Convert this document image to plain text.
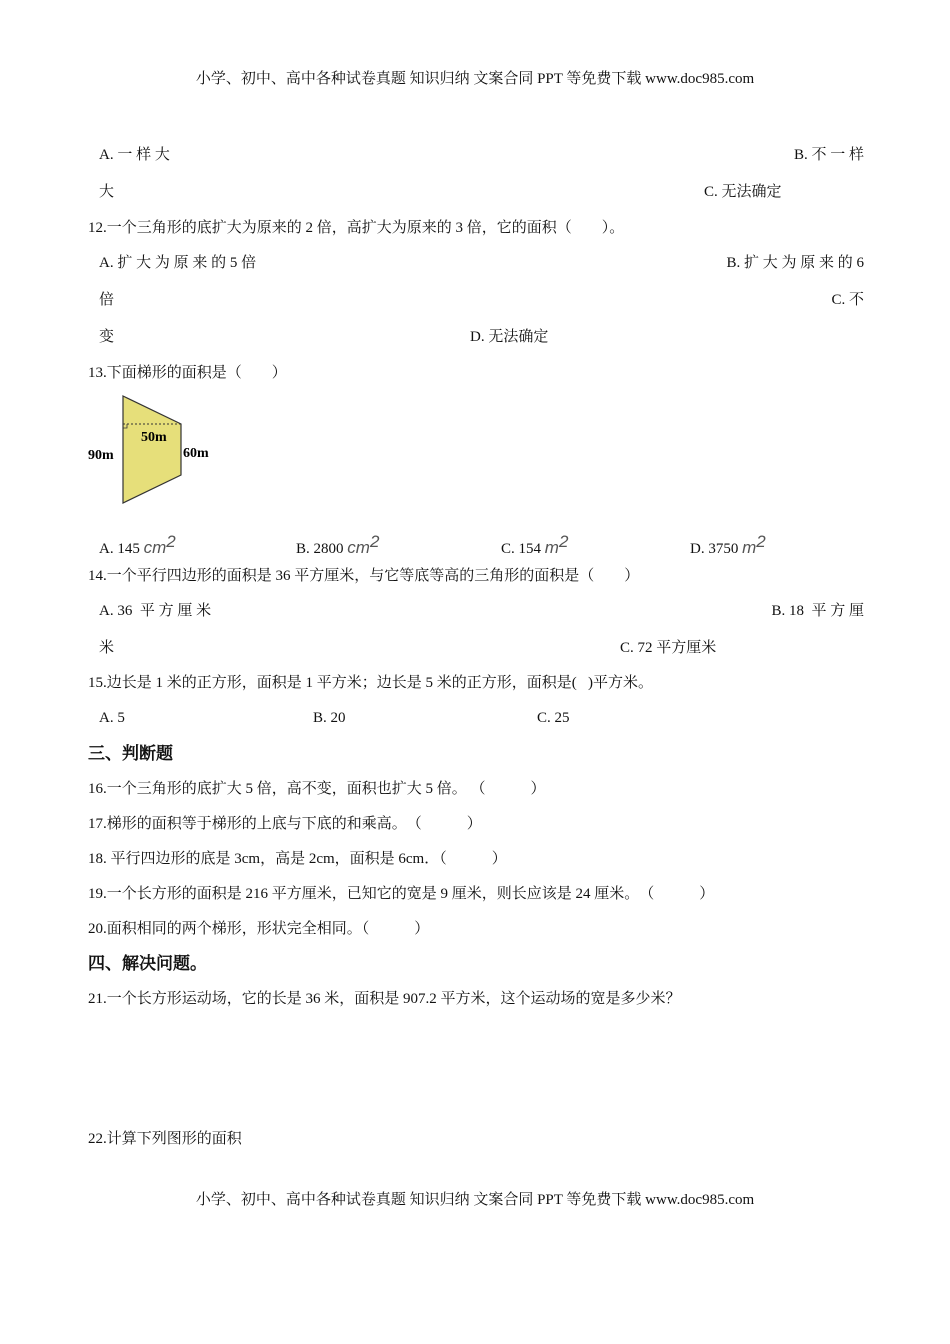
小学、初中、高中各种试卷真题 知识归纳 文案合同 PPT 等免费下载 www.doc985.com
A. 一 样 大	B. 不 一 样
大	C. 无法确定
12.一个三角形的底扩大为原来的 2 倍，高扩大为原来的 3 倍，它的面积（　　）。
A. 扩 大 为 原 来 的 5 倍	B. 扩 大 为 原 来 的 6
倍	C. 不
变	D. 无法确定
13.下面梯形的面积是（　　）
50m
90m	60m
A. 145 $cm^2$	B. 2800 $cm^2$	C. 154 $m^2$	D. 3750 $m^2$
14.一个平行四边形的面积是 36 平方厘米，与它等底等高的三角形的面积是（　　）
A. 36  平 方 厘 米	B. 18  平 方 厘
米	C. 72 平方厘米
15.边长是 1 米的正方形，面积是 1 平方米；边长是 5 米的正方形，面积是(   )平方米。
A. 5	B. 20	C. 25
三、判断题
16.一个三角形的底扩大 5 倍，高不变，面积也扩大 5 倍。 （　　　）
17.梯形的面积等于梯形的上底与下底的和乘高。　（　　　）
18. 平行四边形的底是 3cm，高是 2cm，面积是 6cm．（　　　）
19.一个长方形的面积是 216 平方厘米，已知它的宽是 9 厘米，则长应该是 24 厘米。　（　　　）
20.面积相同的两个梯形，形状完全相同。（　　　）
四、解决问题。
21.一个长方形运动场，它的长是 36 米，面积是 907.2 平方米，这个运动场的宽是多少米？
22.计算下列图形的面积
小学、初中、高中各种试卷真题 知识归纳 文案合同 PPT 等免费下载 www.doc985.com
